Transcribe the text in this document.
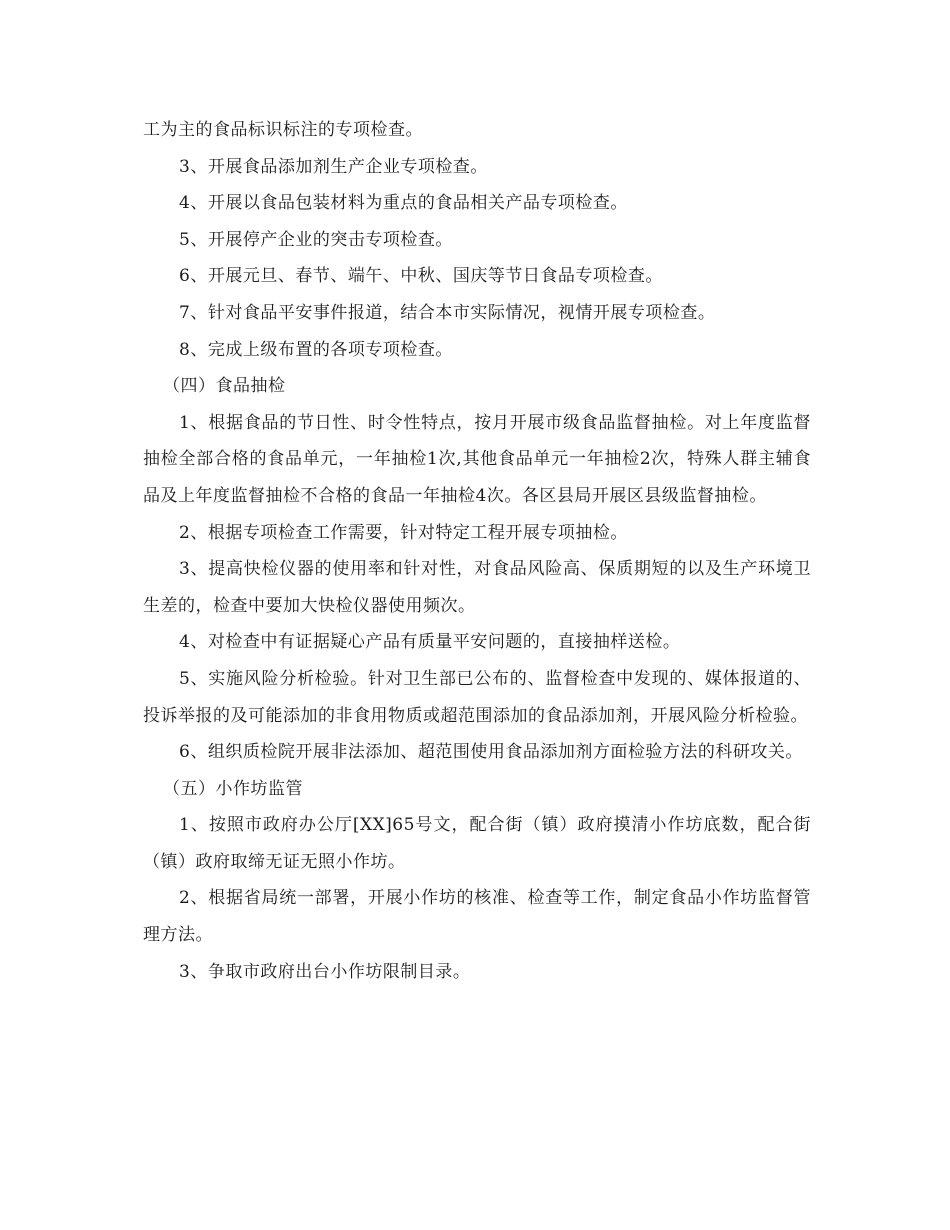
工为主的食品标识标注的专项检查。

3、开展食品添加剂生产企业专项检查。

4、开展以食品包装材料为重点的食品相关产品专项检查。

5、开展停产企业的突击专项检查。

6、开展元旦、春节、端午、中秋、国庆等节日食品专项检查。

7、针对食品平安事件报道，结合本市实际情况，视情开展专项检查。

8、完成上级布置的各项专项检查。

（四）食品抽检

1、根据食品的节日性、时令性特点，按月开展市级食品监督抽检。对上年度监督抽检全部合格的食品单元，一年抽检1次,其他食品单元一年抽检2次，特殊人群主辅食品及上年度监督抽检不合格的食品一年抽检4次。各区县局开展区县级监督抽检。

2、根据专项检查工作需要，针对特定工程开展专项抽检。

3、提高快检仪器的使用率和针对性，对食品风险高、保质期短的以及生产环境卫生差的，检查中要加大快检仪器使用频次。

4、对检查中有证据疑心产品有质量平安问题的，直接抽样送检。

5、实施风险分析检验。针对卫生部已公布的、监督检查中发现的、媒体报道的、投诉举报的及可能添加的非食用物质或超范围添加的食品添加剂，开展风险分析检验。

6、组织质检院开展非法添加、超范围使用食品添加剂方面检验方法的科研攻关。

（五）小作坊监管

1、按照市政府办公厅[XX]65号文，配合街（镇）政府摸清小作坊底数，配合街（镇）政府取缔无证无照小作坊。

2、根据省局统一部署，开展小作坊的核准、检查等工作，制定食品小作坊监督管理方法。

3、争取市政府出台小作坊限制目录。
